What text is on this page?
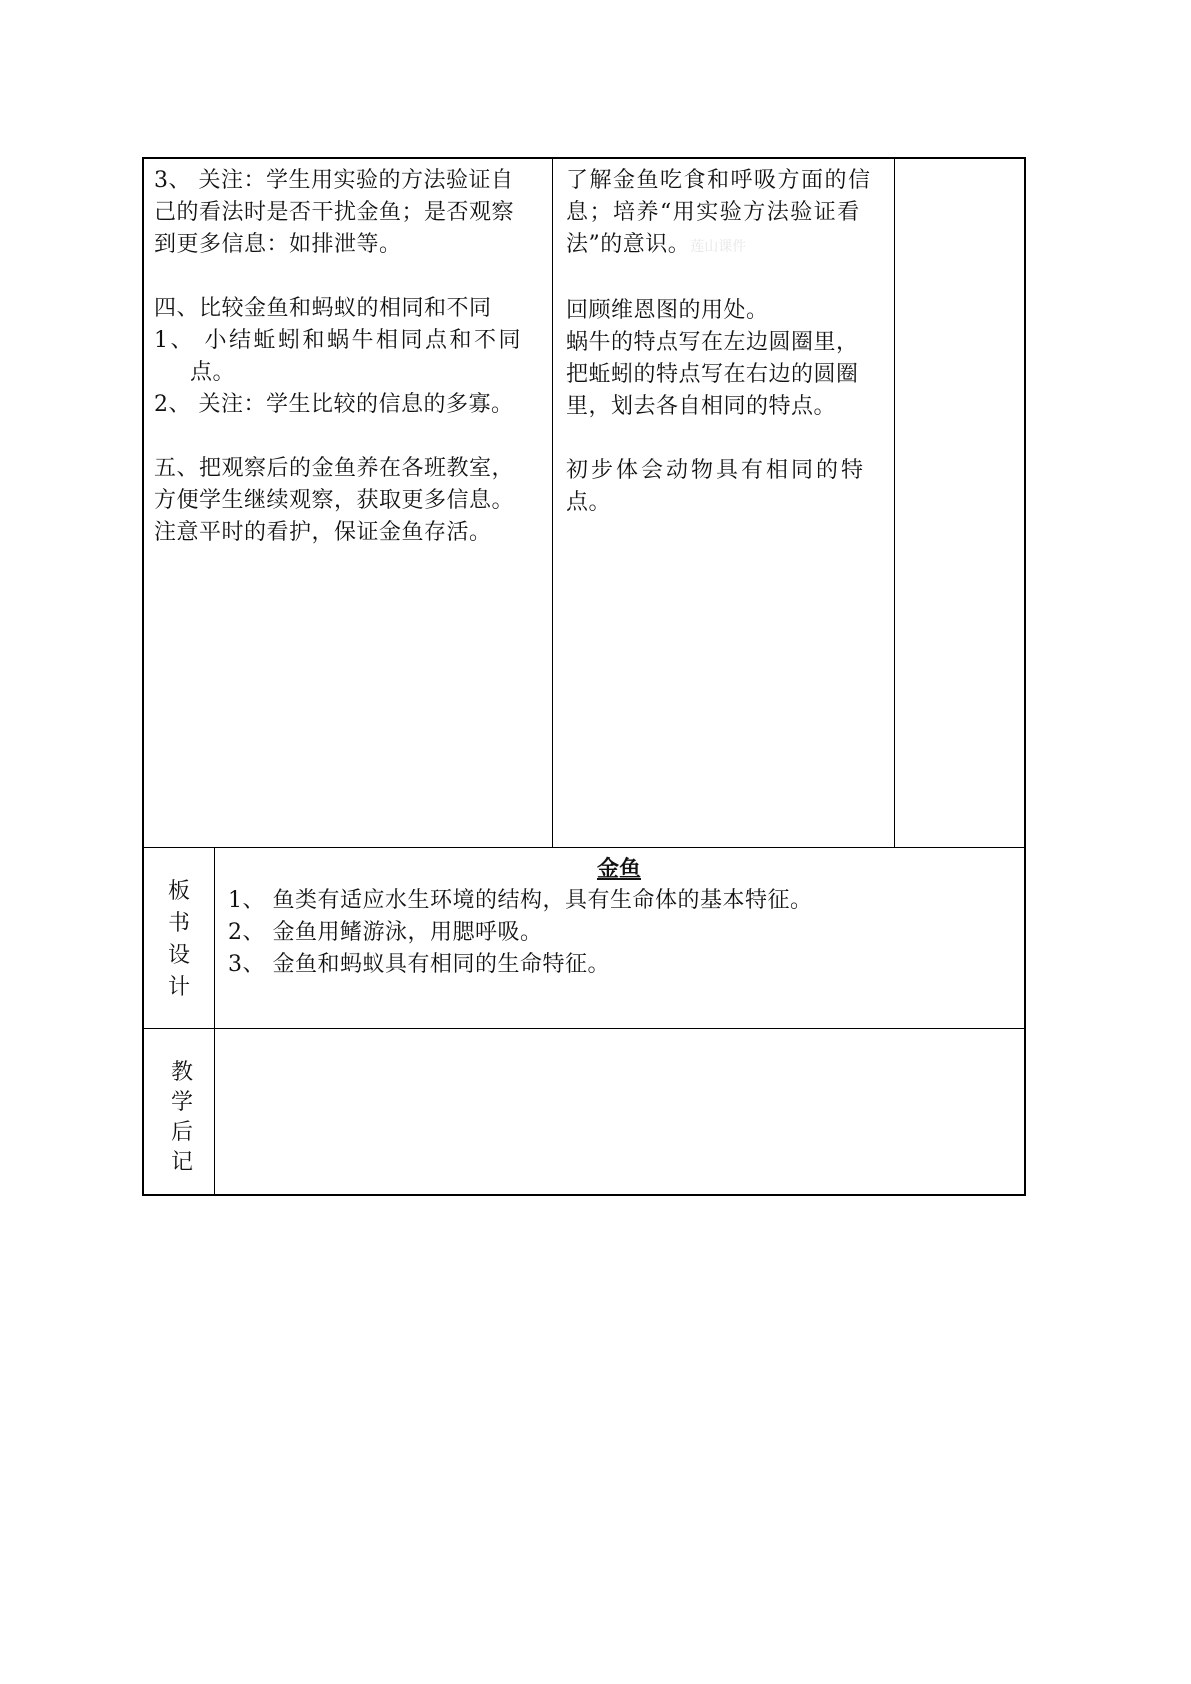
3、 关注：学生用实验的方法验证自

己的看法时是否干扰金鱼；是否观察

到更多信息：如排泄等。

四、比较金鱼和蚂蚁的相同和不同

1、 小结蚯蚓和蜗牛相同点和不同

点。

2、 关注：学生比较的信息的多寡。

五、把观察后的金鱼养在各班教室，

方便学生继续观察，获取更多信息。

注意平时的看护，保证金鱼存活。

了解金鱼吃食和呼吸方面的信

息；培养“用实验方法验证看

法”的意识。莲山课件

回顾维恩图的用处。

蜗牛的特点写在左边圆圈里，

把蚯蚓的特点写在右边的圆圈

里，划去各自相同的特点。

初步体会动物具有相同的特

点。

板
书
设
计
金鱼

1、 鱼类有适应水生环境的结构，具有生命体的基本特征。

2、 金鱼用鳍游泳，用腮呼吸。

3、 金鱼和蚂蚁具有相同的生命特征。

教
学
后
记
